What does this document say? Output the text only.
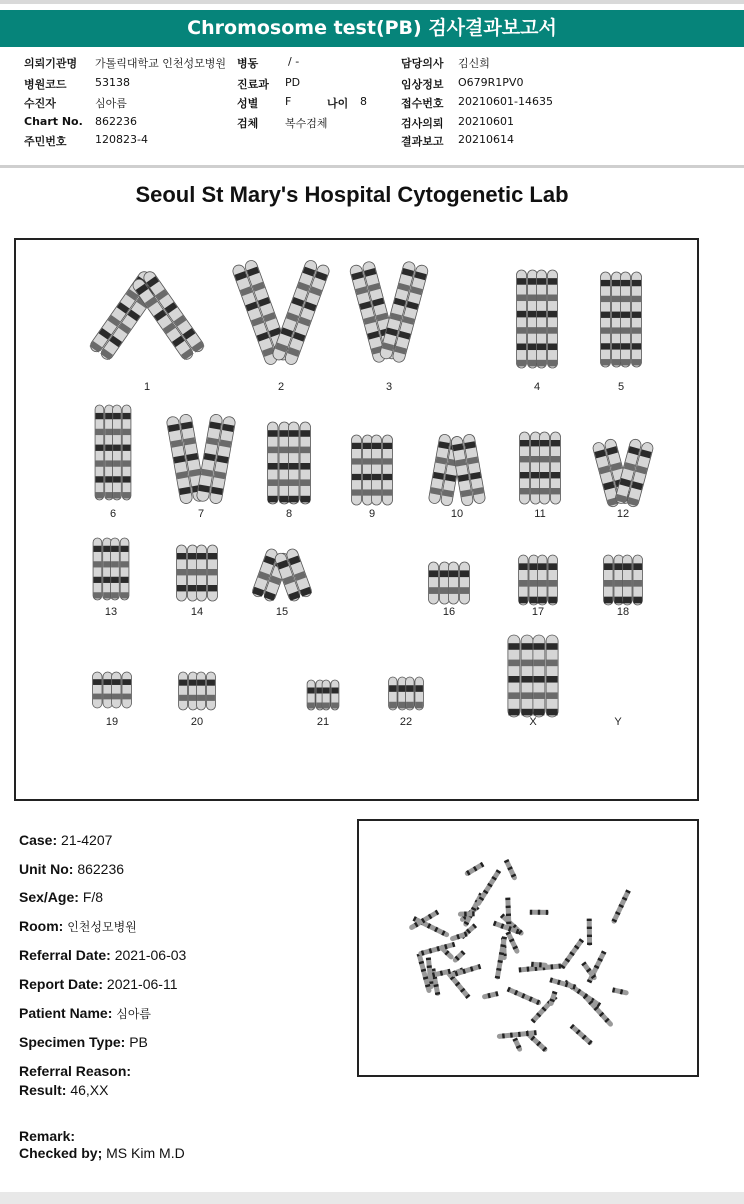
Chromosome test(PB) 검사결과보고서
의뢰기관명 가톨릭대학교 인천성모병원 병동	/ -	담당의사 김신희
병원코드	53138	진료과 PD	임상정보 O679R1PV0
수진자	심아름	성별 F	나이 8	접수번호 20210601-14635
Chart No. 862236	검체 복수검체	검사의뢰 20210601
주민번호	120823-4	결과보고 20210614
Seoul St Mary's Hospital Cytogenetic Lab
1	2	3	4	5
6	7	8	9	10	11	12
13	14	15	16	17	18
19	20	21	22	X	Y
Case: 21-4207
Unit No: 862236
Sex/Age: F/8
Room: 인천성모병원
Referral Date: 2021-06-03
Report Date: 2021-06-11
Patient Name: 심아름
Specimen Type: PB
Referral Reason:
Result: 46,XX
Remark:
Checked by; MS Kim M.D
